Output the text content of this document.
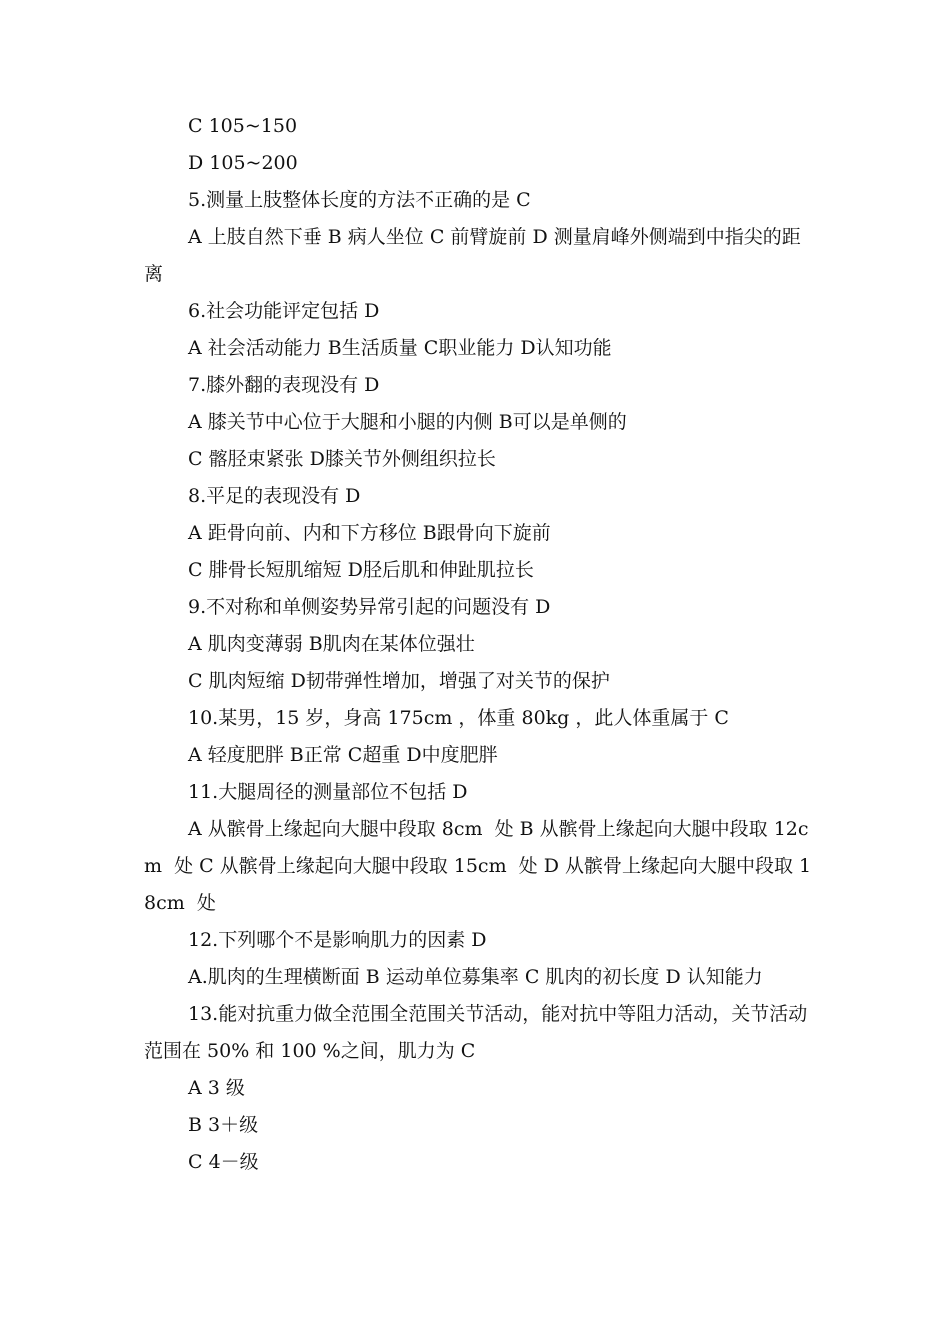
C 105~150

D 105~200

5.测量上肢整体长度的方法不正确的是 C

A 上肢自然下垂 B 病人坐位 C 前臂旋前 D 测量肩峰外侧端到中指尖的距离

6.社会功能评定包括 D

A 社会活动能力 B生活质量 C职业能力 D认知功能

7.膝外翻的表现没有 D

A 膝关节中心位于大腿和小腿的内侧 B可以是单侧的

C 髂胫束紧张 D膝关节外侧组织拉长

8.平足的表现没有 D

A 距骨向前、内和下方移位 B跟骨向下旋前

C 腓骨长短肌缩短 D胫后肌和伸趾肌拉长

9.不对称和单侧姿势异常引起的问题没有 D

A 肌肉变薄弱 B肌肉在某体位强壮

C 肌肉短缩 D韧带弹性增加，增强了对关节的保护

10.某男，15 岁，身高 175cm ，体重 80kg ，此人体重属于 C

A 轻度肥胖 B正常 C超重 D中度肥胖

11.大腿周径的测量部位不包括 D

A 从髌骨上缘起向大腿中段取 8cm  处 B 从髌骨上缘起向大腿中段取 12cm  处 C 从髌骨上缘起向大腿中段取 15cm  处 D 从髌骨上缘起向大腿中段取 18cm  处

12.下列哪个不是影响肌力的因素 D

A.肌肉的生理横断面 B 运动单位募集率 C 肌肉的初长度 D 认知能力

13.能对抗重力做全范围全范围关节活动，能对抗中等阻力活动，关节活动范围在 50% 和 100 %之间，肌力为 C

A 3 级

B 3＋级

C 4－级
